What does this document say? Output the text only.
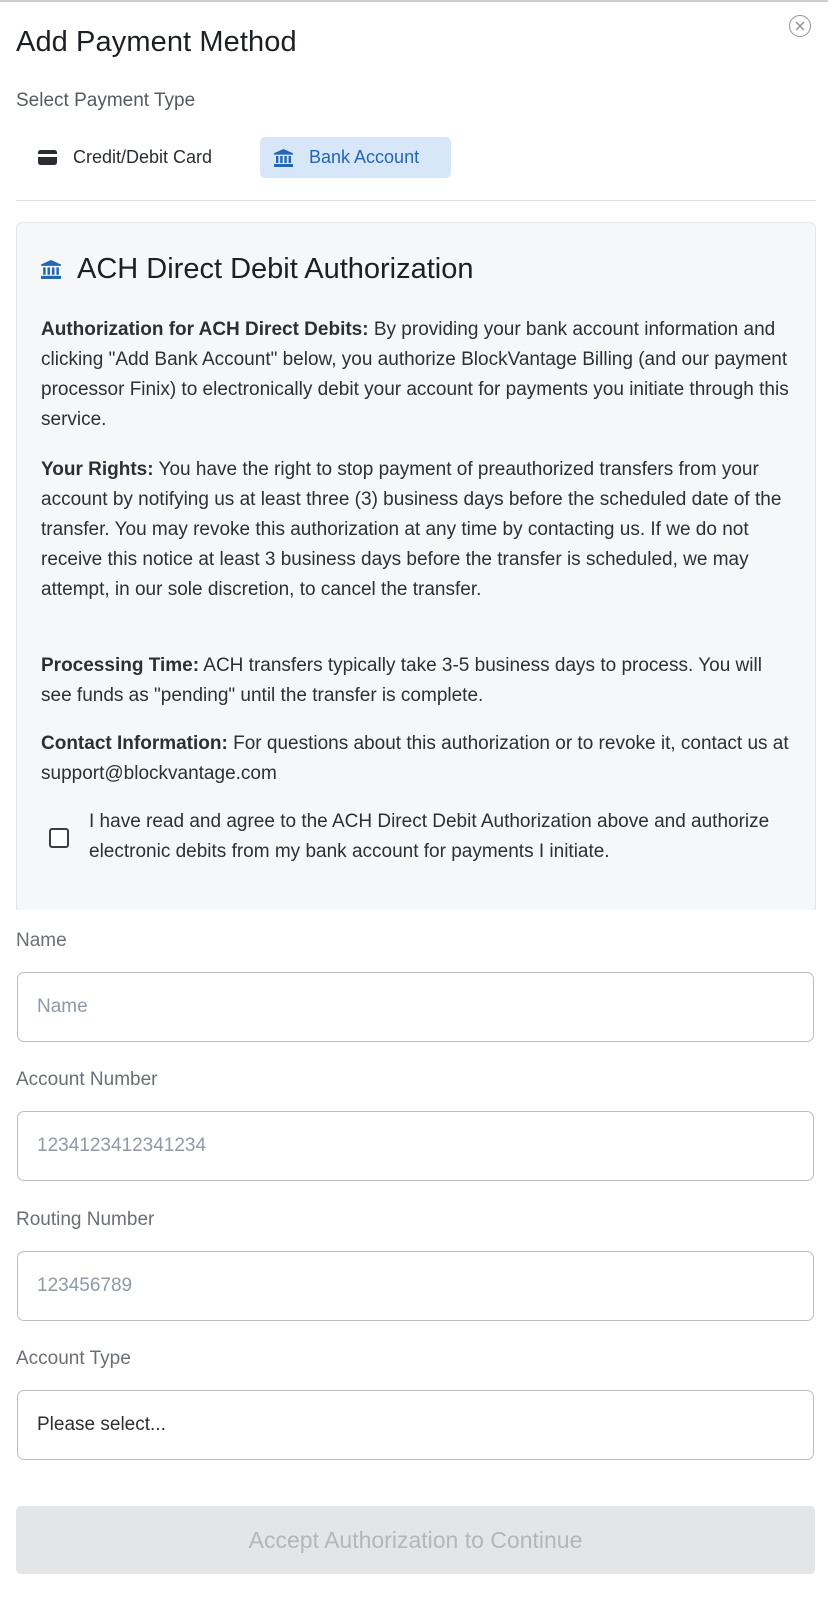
Add Payment Method
Select Payment Type
Credit/Debit Card	Bank Account
ACH Direct Debit Authorization

Authorization for ACH Direct Debits: By providing your bank account information and clicking "Add Bank Account" below, you authorize BlockVantage Billing (and our payment processor Finix) to electronically debit your account for payments you initiate through this service.

Your Rights: You have the right to stop payment of preauthorized transfers from your account by notifying us at least three (3) business days before the scheduled date of the transfer. You may revoke this authorization at any time by contacting us. If we do not receive this notice at least 3 business days before the transfer is scheduled, we may attempt, in our sole discretion, to cancel the transfer.

Processing Time: ACH transfers typically take 3-5 business days to process. You will see funds as "pending" until the transfer is complete.

Contact Information: For questions about this authorization or to revoke it, contact us at support@blockvantage.com

I have read and agree to the ACH Direct Debit Authorization above and authorize electronic debits from my bank account for payments I initiate.
Name
Name
Account Number
1234123412341234
Routing Number
123456789
Account Type
Please select...
Accept Authorization to Continue
